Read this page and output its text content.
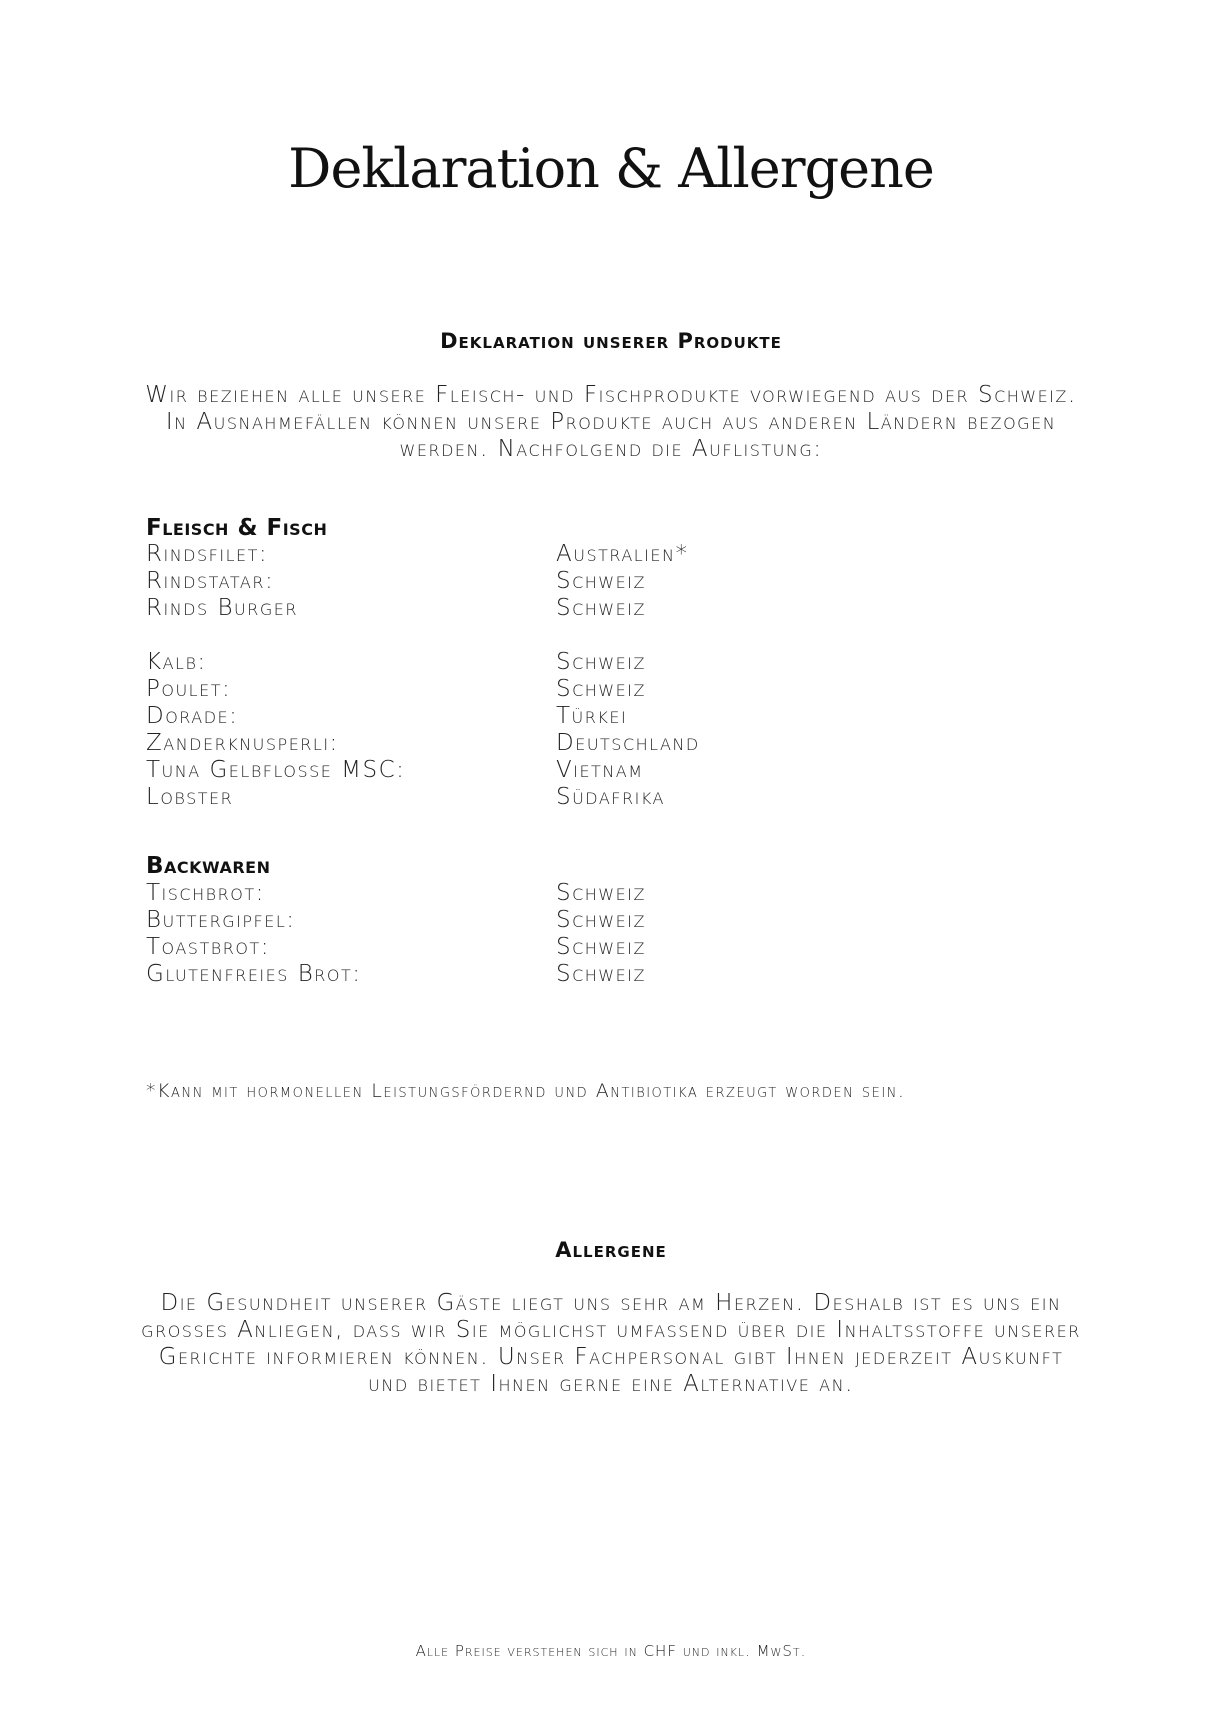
Deklaration & Allergene
Deklaration unserer Produkte

Wir beziehen alle unsere Fleisch- und Fischprodukte vorwiegend aus der Schweiz. In Ausnahmefällen können unsere Produkte auch aus anderen Ländern bezogen werden. Nachfolgend die Auflistung:

Fleisch & Fisch
Rindsfilet:	Australien*
Rindstatar:	Schweiz
Rinds Burger	Schweiz
Kalb:	Schweiz
Poulet:	Schweiz
Dorade:	Türkei
Zanderknusperli:	Deutschland
Tuna Gelbflosse MSC:	Vietnam
Lobster	Südafrika
Backwaren
Tischbrot:	Schweiz
Buttergipfel:	Schweiz
Toastbrot:	Schweiz
Glutenfreies Brot:	Schweiz

*Kann mit hormonellen Leistungsfördernd und Antibiotika erzeugt worden sein.

Allergene

Die Gesundheit unserer Gäste liegt uns sehr am Herzen. Deshalb ist es uns ein grosses Anliegen, dass wir Sie möglichst umfassend über die Inhaltsstoffe unserer Gerichte informieren können. Unser Fachpersonal gibt Ihnen jederzeit Auskunft und bietet Ihnen gerne eine Alternative an.

Alle Preise verstehen sich in CHF und inkl. MwSt.
